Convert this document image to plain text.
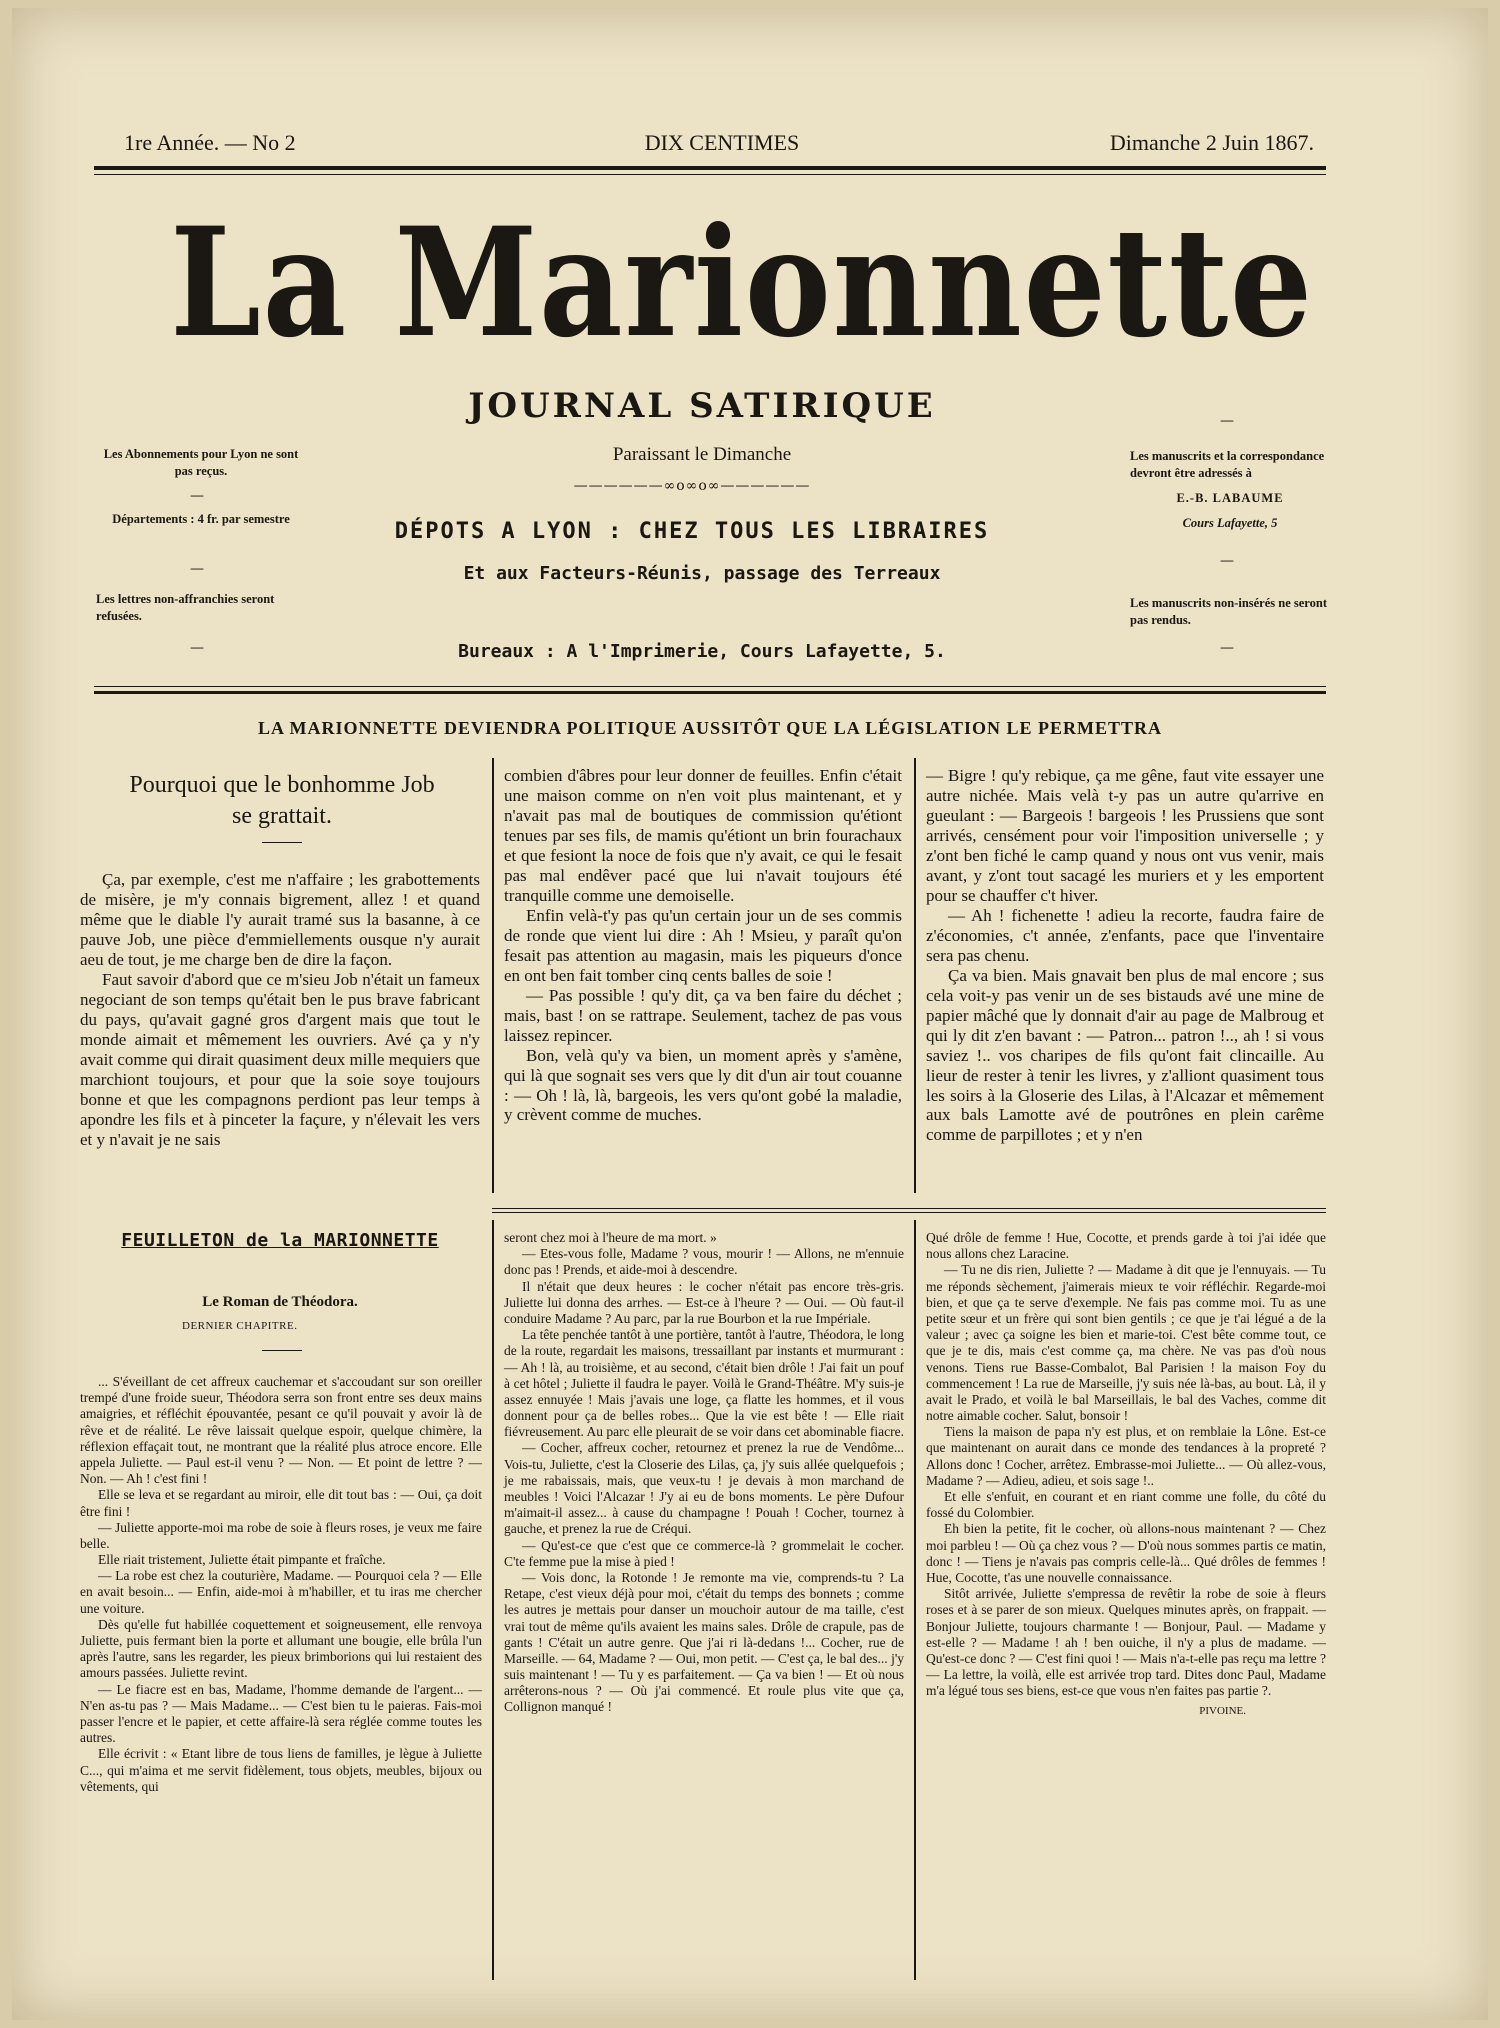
1re Année. — No 2	DIX CENTIMES	Dimanche 2 Juin 1867.
La Marionnette
JOURNAL SATIRIQUE
Paraissant le Dimanche
——————∞o∞o∞——————
DÉPOTS A LYON : CHEZ TOUS LES LIBRAIRES
Et aux Facteurs-Réunis, passage des Terreaux
Bureaux : A l'Imprimerie, Cours Lafayette, 5.
Les Abonnements pour Lyon ne sont pas reçus.
—
Départements : 4 fr. par semestre
—
Les lettres non-affranchies seront refusées.
—
—
Les manuscrits et la correspondance devront être adressés à
E.-B. LABAUME
Cours Lafayette, 5
—
Les manuscrits non-insérés ne seront pas rendus.
—
LA MARIONNETTE DEVIENDRA POLITIQUE AUSSITÔT QUE LA LÉGISLATION LE PERMETTRA
Pourquoi que le bonhomme Job
se grattait.

Ça, par exemple, c'est me n'affaire ; les grabottements de misère, je m'y connais bigrement, allez ! et quand même que le diable l'y aurait tramé sus la basanne, à ce pauve Job, une pièce d'emmiellements ousque n'y aurait aeu de tout, je me charge ben de dire la façon.

Faut savoir d'abord que ce m'sieu Job n'était un fameux negociant de son temps qu'était ben le pus brave fabricant du pays, qu'avait gagné gros d'argent mais que tout le monde aimait et mêmement les ouvriers. Avé ça y n'y avait comme qui dirait quasiment deux mille mequiers que marchiont toujours, et pour que la soie soye toujours bonne et que les compagnons perdiont pas leur temps à apondre les fils et à pinceter la façure, y n'élevait les vers et y n'avait je ne sais

combien d'âbres pour leur donner de feuilles. Enfin c'était une maison comme on n'en voit plus maintenant, et y n'avait pas mal de boutiques de commission qu'étiont tenues par ses fils, de mamis qu'étiont un brin fourachaux et que fesiont la noce de fois que n'y avait, ce qui le fesait pas mal endêver pacé que lui n'avait toujours été tranquille comme une demoiselle.

Enfin velà-t'y pas qu'un certain jour un de ses commis de ronde que vient lui dire : Ah ! Msieu, y paraît qu'on fesait pas attention au magasin, mais les piqueurs d'once en ont ben fait tomber cinq cents balles de soie !

— Pas possible ! qu'y dit, ça va ben faire du déchet ; mais, bast ! on se rattrape. Seulement, tachez de pas vous laissez repincer.

Bon, velà qu'y va bien, un moment après y s'amène, qui là que sognait ses vers que ly dit d'un air tout couanne : — Oh ! là, là, bargeois, les vers qu'ont gobé la maladie, y crèvent comme de muches.

— Bigre ! qu'y rebique, ça me gêne, faut vite essayer une autre nichée. Mais velà t-y pas un autre qu'arrive en gueulant : — Bargeois ! bargeois ! les Prussiens que sont arrivés, censément pour voir l'imposition universelle ; y z'ont ben fiché le camp quand y nous ont vus venir, mais avant, y z'ont tout sacagé les muriers et y les emportent pour se chauffer c't hiver.

— Ah ! fichenette ! adieu la recorte, faudra faire de z'économies, c't année, z'enfants, pace que l'inventaire sera pas chenu.

Ça va bien. Mais gnavait ben plus de mal encore ; sus cela voit-y pas venir un de ses bistauds avé une mine de papier mâché que ly donnait d'air au page de Malbroug et qui ly dit z'en bavant : — Patron... patron !.., ah ! si vous saviez !.. vos charipes de fils qu'ont fait clincaille. Au lieur de rester à tenir les livres, y z'alliont quasiment tous les soirs à la Gloserie des Lilas, à l'Alcazar et mêmement aux bals Lamotte avé de poutrônes en plein carême comme de parpillotes ; et y n'en

FEUILLETON de la MARIONNETTE
Le Roman de Théodora.
DERNIER CHAPITRE.

... S'éveillant de cet affreux cauchemar et s'accoudant sur son oreiller trempé d'une froide sueur, Théodora serra son front entre ses deux mains amaigries, et réfléchit épouvantée, pesant ce qu'il pouvait y avoir là de rêve et de réalité. Le rêve laissait quelque espoir, quelque chimère, la réflexion effaçait tout, ne montrant que la réalité plus atroce encore. Elle appela Juliette. — Paul est-il venu ? — Non. — Et point de lettre ? — Non. — Ah ! c'est fini !

Elle se leva et se regardant au miroir, elle dit tout bas : — Oui, ça doit être fini !

— Juliette apporte-moi ma robe de soie à fleurs roses, je veux me faire belle.

Elle riait tristement, Juliette était pimpante et fraîche.

— La robe est chez la couturière, Madame. — Pourquoi cela ? — Elle en avait besoin... — Enfin, aide-moi à m'habiller, et tu iras me chercher une voiture.

Dès qu'elle fut habillée coquettement et soigneusement, elle renvoya Juliette, puis fermant bien la porte et allumant une bougie, elle brûla l'un après l'autre, sans les regarder, les pieux brimborions qui lui restaient des amours passées. Juliette revint.

— Le fiacre est en bas, Madame, l'homme demande de l'argent... — N'en as-tu pas ? — Mais Madame... — C'est bien tu le paieras. Fais-moi passer l'encre et le papier, et cette affaire-là sera réglée comme toutes les autres.

Elle écrivit : « Etant libre de tous liens de familles, je lègue à Juliette C..., qui m'aima et me servit fidèlement, tous objets, meubles, bijoux ou vêtements, qui

seront chez moi à l'heure de ma mort. »

— Etes-vous folle, Madame ? vous, mourir ! — Allons, ne m'ennuie donc pas ! Prends, et aide-moi à descendre.

Il n'était que deux heures : le cocher n'était pas encore très-gris. Juliette lui donna des arrhes. — Est-ce à l'heure ? — Oui. — Où faut-il conduire Madame ? Au parc, par la rue Bourbon et la rue Impériale.

La tête penchée tantôt à une portière, tantôt à l'autre, Théodora, le long de la route, regardait les maisons, tressaillant par instants et murmurant : — Ah ! là, au troisième, et au second, c'était bien drôle ! J'ai fait un pouf à cet hôtel ; Juliette il faudra le payer. Voilà le Grand-Théâtre. M'y suis-je assez ennuyée ! Mais j'avais une loge, ça flatte les hommes, et il vous donnent pour ça de belles robes... Que la vie est bête ! — Elle riait fiévreusement. Au parc elle pleurait de se voir dans cet abominable fiacre.

— Cocher, affreux cocher, retournez et prenez la rue de Vendôme... Vois-tu, Juliette, c'est la Closerie des Lilas, ça, j'y suis allée quelquefois ; je me rabaissais, mais, que veux-tu ! je devais à mon marchand de meubles ! Voici l'Alcazar ! J'y ai eu de bons moments. Le père Dufour m'aimait-il assez... à cause du champagne ! Pouah ! Cocher, tournez à gauche, et prenez la rue de Créqui.

— Qu'est-ce que c'est que ce commerce-là ? grommelait le cocher. C'te femme pue la mise à pied !

— Vois donc, la Rotonde ! Je remonte ma vie, comprends-tu ? La Retape, c'est vieux déjà pour moi, c'était du temps des bonnets ; comme les autres je mettais pour danser un mouchoir autour de ma taille, c'est vrai tout de même qu'ils avaient les mains sales. Drôle de crapule, pas de gants ! C'était un autre genre. Que j'ai ri là-dedans !... Cocher, rue de Marseille. — 64, Madame ? — Oui, mon petit. — C'est ça, le bal des... j'y suis maintenant ! — Tu y es parfaitement. — Ça va bien ! — Et où nous arrêterons-nous ? — Où j'ai commencé. Et roule plus vite que ça, Collignon manqué !

Qué drôle de femme ! Hue, Cocotte, et prends garde à toi j'ai idée que nous allons chez Laracine.

— Tu ne dis rien, Juliette ? — Madame à dit que je l'ennuyais. — Tu me réponds sèchement, j'aimerais mieux te voir réfléchir. Regarde-moi bien, et que ça te serve d'exemple. Ne fais pas comme moi. Tu as une petite sœur et un frère qui sont bien gentils ; ce que je t'ai légué a de la valeur ; avec ça soigne les bien et marie-toi. C'est bête comme tout, ce que je te dis, mais c'est comme ça, ma chère. Ne vas pas d'où nous venons. Tiens rue Basse-Combalot, Bal Parisien ! la maison Foy du commencement ! La rue de Marseille, j'y suis née là-bas, au bout. Là, il y avait le Prado, et voilà le bal Marseillais, le bal des Vaches, comme dit notre aimable cocher. Salut, bonsoir !

Tiens la maison de papa n'y est plus, et on remblaie la Lône. Est-ce que maintenant on aurait dans ce monde des tendances à la propreté ? Allons donc ! Cocher, arrêtez. Embrasse-moi Juliette... — Où allez-vous, Madame ? — Adieu, adieu, et sois sage !..

Et elle s'enfuit, en courant et en riant comme une folle, du côté du fossé du Colombier.

Eh bien la petite, fit le cocher, où allons-nous maintenant ? — Chez moi parbleu ! — Où ça chez vous ? — D'où nous sommes partis ce matin, donc ! — Tiens je n'avais pas compris celle-là... Qué drôles de femmes ! Hue, Cocotte, t'as une nouvelle connaissance.

Sitôt arrivée, Juliette s'empressa de revêtir la robe de soie à fleurs roses et à se parer de son mieux. Quelques minutes après, on frappait. — Bonjour Juliette, toujours charmante ! — Bonjour, Paul. — Madame y est-elle ? — Madame ! ah ! ben ouiche, il n'y a plus de madame. — Qu'est-ce donc ? — C'est fini quoi ! — Mais n'a-t-elle pas reçu ma lettre ? — La lettre, la voilà, elle est arrivée trop tard. Dites donc Paul, Madame m'a légué tous ses biens, est-ce que vous n'en faites pas partie ?.

PIVOINE.
